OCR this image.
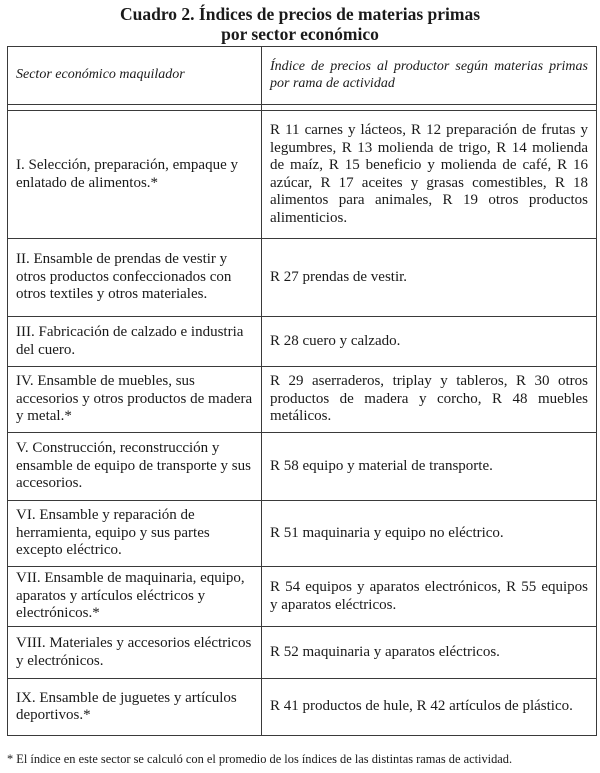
Cuadro 2. Índices de precios de materias primas
por sector económico
Sector económico maquilador	Índice de precios al productor según materias primas por rama de actividad

I. Selección, preparación, empaque y enlatado de alimentos.*	R 11 carnes y lácteos, R 12 preparación de frutas y legumbres, R 13 molienda de trigo, R 14 molienda de maíz, R 15 beneficio y molienda de café, R 16 azúcar, R 17 aceites y grasas comestibles, R 18 alimentos para animales, R 19 otros productos alimenticios.
II. Ensamble de prendas de vestir y otros productos confeccionados con otros textiles y otros materiales.	R 27 prendas de vestir.
III. Fabricación de calzado e industria del cuero.	R 28 cuero y calzado.
IV. Ensamble de muebles, sus accesorios y otros productos de madera y metal.*	R 29 aserraderos, triplay y tableros, R 30 otros productos de madera y corcho, R 48 muebles metálicos.
V. Construcción, reconstrucción y ensamble de equipo de transporte y sus accesorios.	R 58 equipo y material de transporte.
VI. Ensamble y reparación de herramienta, equipo y sus partes excepto eléctrico.	R 51 maquinaria y equipo no eléctrico.
VII. Ensamble de maquinaria, equipo, aparatos y artículos eléctricos y electrónicos.*	R 54 equipos y aparatos electrónicos, R 55 equipos y aparatos eléctricos.
VIII. Materiales y accesorios eléctricos y electrónicos.	R 52 maquinaria y aparatos eléctricos.
IX. Ensamble de juguetes y artículos deportivos.*	R 41 productos de hule, R 42 artículos de plástico.
* El índice en este sector se calculó con el promedio de los índices de las distintas ramas de actividad.
